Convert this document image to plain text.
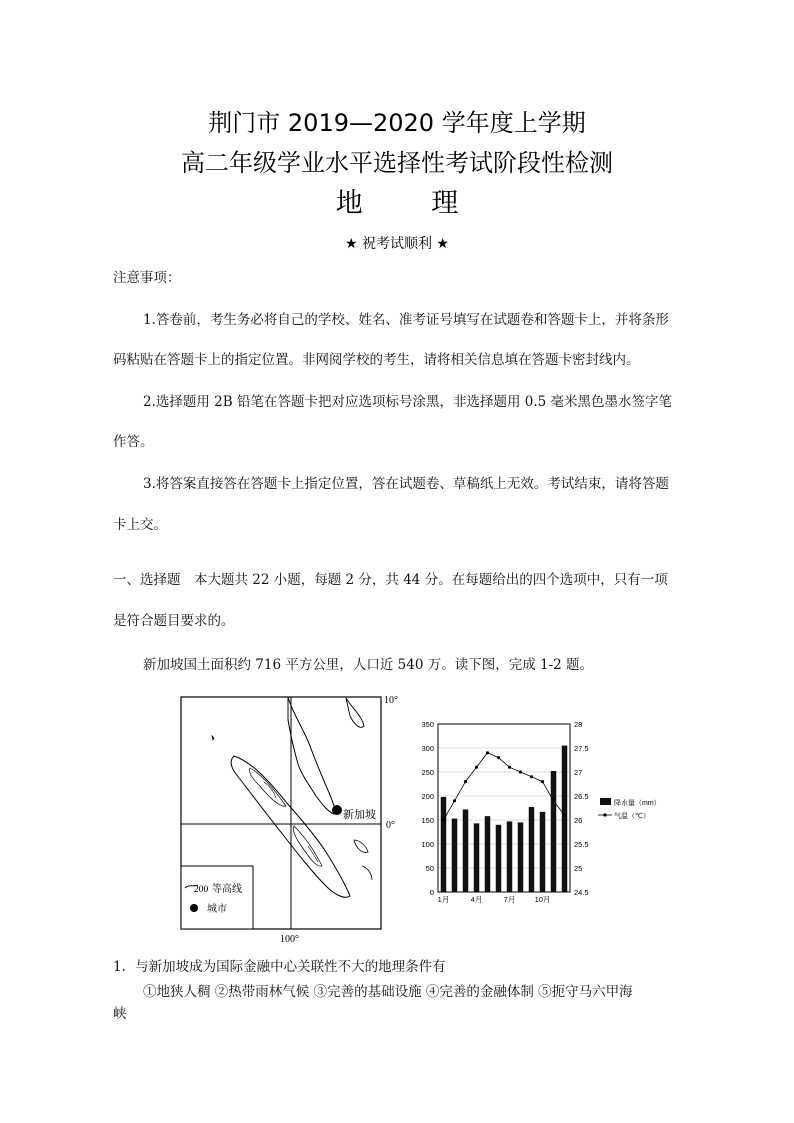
荆门市 2019—2020 学年度上学期
高二年级学业水平选择性考试阶段性检测
地 理
★ 祝考试顺利 ★
注意事项：
1.答卷前，考生务必将自己的学校、姓名、准考证号填写在试题卷和答题卡上，并将条形
码粘贴在答题卡上的指定位置。非网阅学校的考生，请将相关信息填在答题卡密封线内。
2.选择题用 2B 铅笔在答题卡把对应选项标号涂黑，非选择题用 0.5 毫米黑色墨水签字笔
作答。
3.将答案直接答在答题卡上指定位置，答在试题卷、草稿纸上无效。考试结束，请将答题
卡上交。
一、选择题　本大题共 22 小题，每题 2 分，共 44 分。在每题给出的四个选项中，只有一项
是符合题目要求的。
新加坡国土面积约 716 平方公里，人口近 540 万。读下图，完成 1-2 题。
新加坡
10°
0°
100°
200 等高线
城市
0
50
100
150
200
250
300
350
24.5
25
25.5
26
26.5
27
27.5
28
1月	4月	7月	10月
降水量（mm）
气温（℃）
1．与新加坡成为国际金融中心关联性不大的地理条件有
①地狭人稠 ②热带雨林气候 ③完善的基础设施 ④完善的金融体制 ⑤扼守马六甲海
峡
